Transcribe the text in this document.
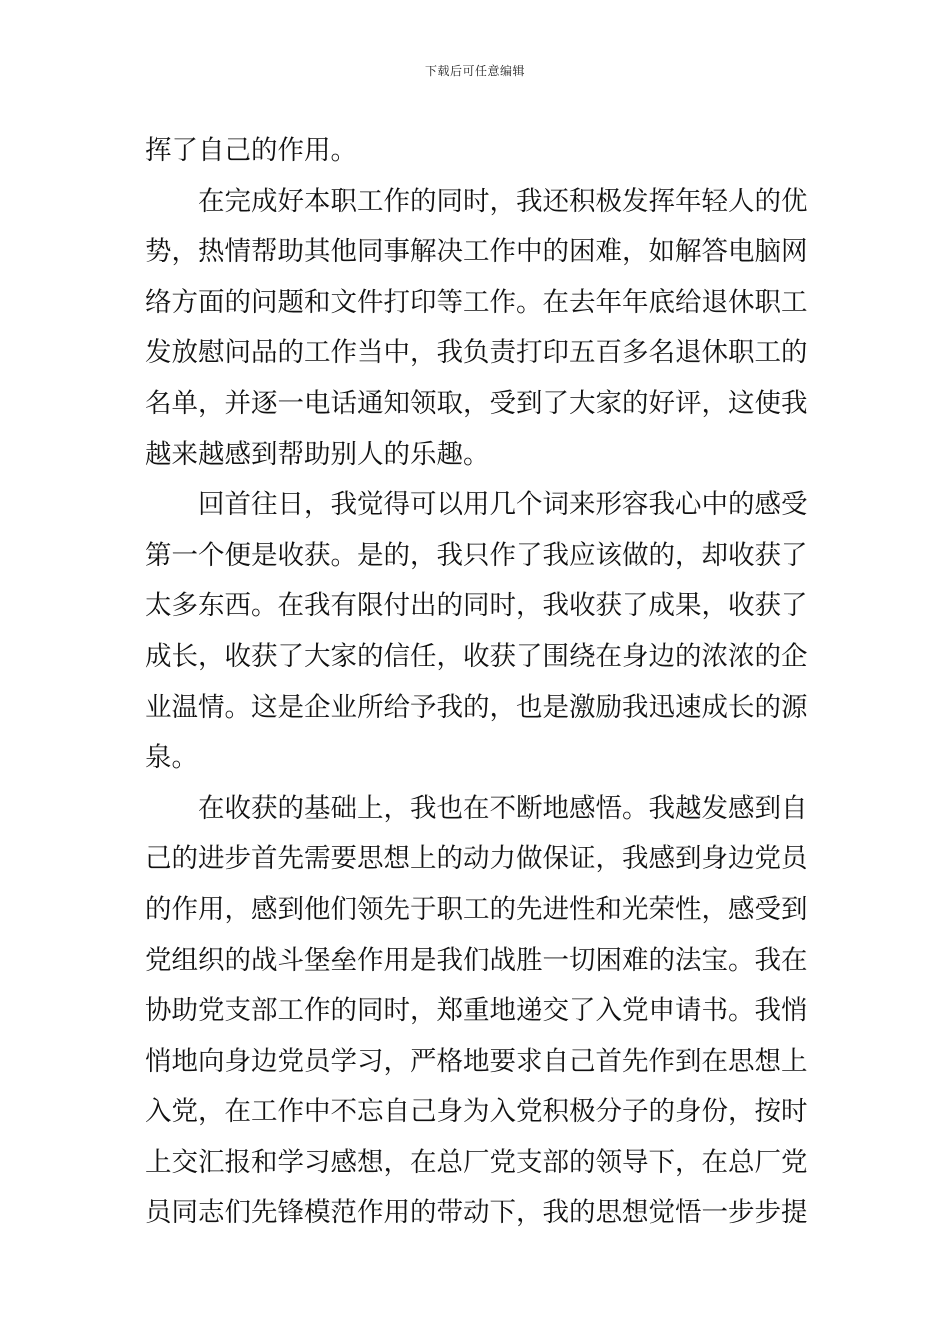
下载后可任意编辑
挥了自己的作用。
　　在完成好本职工作的同时，我还积极发挥年轻人的优
势，热情帮助其他同事解决工作中的困难，如解答电脑网
络方面的问题和文件打印等工作。在去年年底给退休职工
发放慰问品的工作当中，我负责打印五百多名退休职工的
名单，并逐一电话通知领取，受到了大家的好评，这使我
越来越感到帮助别人的乐趣。
　　回首往日，我觉得可以用几个词来形容我心中的感受
第一个便是收获。是的，我只作了我应该做的，却收获了
太多东西。在我有限付出的同时，我收获了成果，收获了
成长，收获了大家的信任，收获了围绕在身边的浓浓的企
业温情。这是企业所给予我的，也是激励我迅速成长的源
泉。
　　在收获的基础上，我也在不断地感悟。我越发感到自
己的进步首先需要思想上的动力做保证，我感到身边党员
的作用，感到他们领先于职工的先进性和光荣性，感受到
党组织的战斗堡垒作用是我们战胜一切困难的法宝。我在
协助党支部工作的同时，郑重地递交了入党申请书。我悄
悄地向身边党员学习，严格地要求自己首先作到在思想上
入党，在工作中不忘自己身为入党积极分子的身份，按时
上交汇报和学习感想，在总厂党支部的领导下，在总厂党
员同志们先锋模范作用的带动下，我的思想觉悟一步步提
